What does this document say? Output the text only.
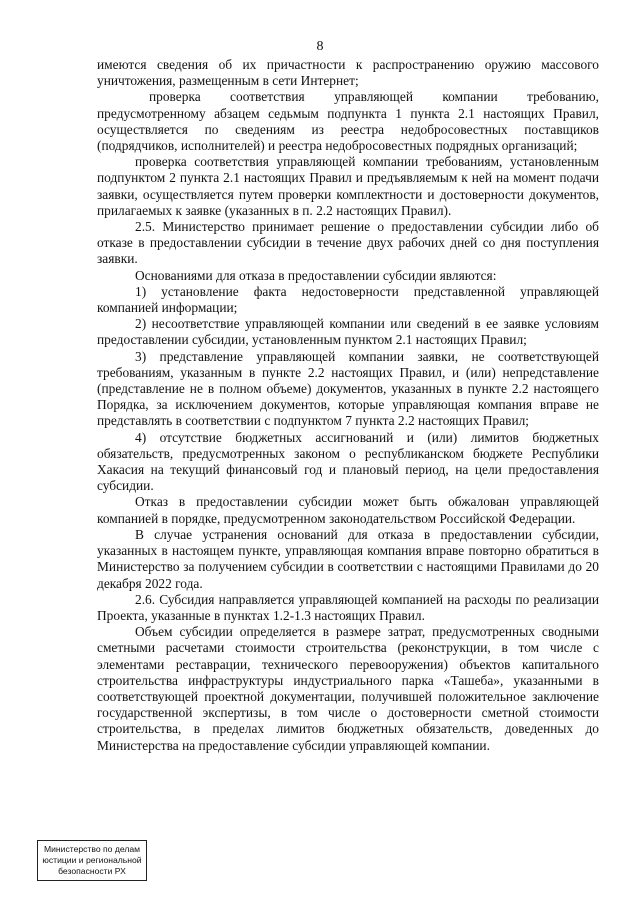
8

имеются сведения об их причастности к распространению оружию массового уничтожения, размещенным в сети Интернет;

проверка соответствия управляющей компании требованию, предусмотренному абзацем седьмым подпункта 1 пункта 2.1 настоящих Правил, осуществляется по сведениям из реестра недобросовестных поставщиков (подрядчиков, исполнителей) и реестра недобросовестных подрядных организаций;

проверка соответствия управляющей компании требованиям, установленным подпунктом 2 пункта 2.1 настоящих Правил и предъявляемым к ней на момент подачи заявки, осуществляется путем проверки комплектности и достоверности документов, прилагаемых к заявке (указанных в п. 2.2 настоящих Правил).

2.5. Министерство принимает решение о предоставлении субсидии либо об отказе в предоставлении субсидии в течение двух рабочих дней со дня поступления заявки.

Основаниями для отказа в предоставлении субсидии являются:

1) установление факта недостоверности представленной управляющей компанией информации;

2) несоответствие управляющей компании или сведений в ее заявке условиям предоставлении субсидии, установленным пунктом 2.1 настоящих Правил;

3) представление управляющей компании заявки, не соответствующей требованиям, указанным в пункте 2.2 настоящих Правил, и (или) непредставление (представление не в полном объеме) документов, указанных в пункте 2.2 настоящего Порядка, за исключением документов, которые управляющая компания вправе не представлять в соответствии с подпунктом 7 пункта 2.2 настоящих Правил;

4) отсутствие бюджетных ассигнований и (или) лимитов бюджетных обязательств, предусмотренных законом о республиканском бюджете Республики Хакасия на текущий финансовый год и плановый период, на цели предоставления субсидии.

Отказ в предоставлении субсидии может быть обжалован управляющей компанией в порядке, предусмотренном законодательством Российской Федерации.

В случае устранения оснований для отказа в предоставлении субсидии, указанных в настоящем пункте, управляющая компания вправе повторно обратиться в Министерство за получением субсидии в соответствии с настоящими Правилами до 20 декабря 2022 года.

2.6. Субсидия направляется управляющей компанией на расходы по реализации Проекта, указанные в пунктах 1.2-1.3 настоящих Правил.

Объем субсидии определяется в размере затрат, предусмотренных сводными сметными расчетами стоимости строительства (реконструкции, в том числе с элементами реставрации, технического перевооружения) объектов капитального строительства инфраструктуры индустриального парка «Ташеба», указанными в соответствующей проектной документации, получившей положительное заключение государственной экспертизы, в том числе о достоверности сметной стоимости строительства, в пределах лимитов бюджетных обязательств, доведенных до Министерства на предоставление субсидии управляющей компании.

Министерство по делам
юстиции и региональной
безопасности РХ
